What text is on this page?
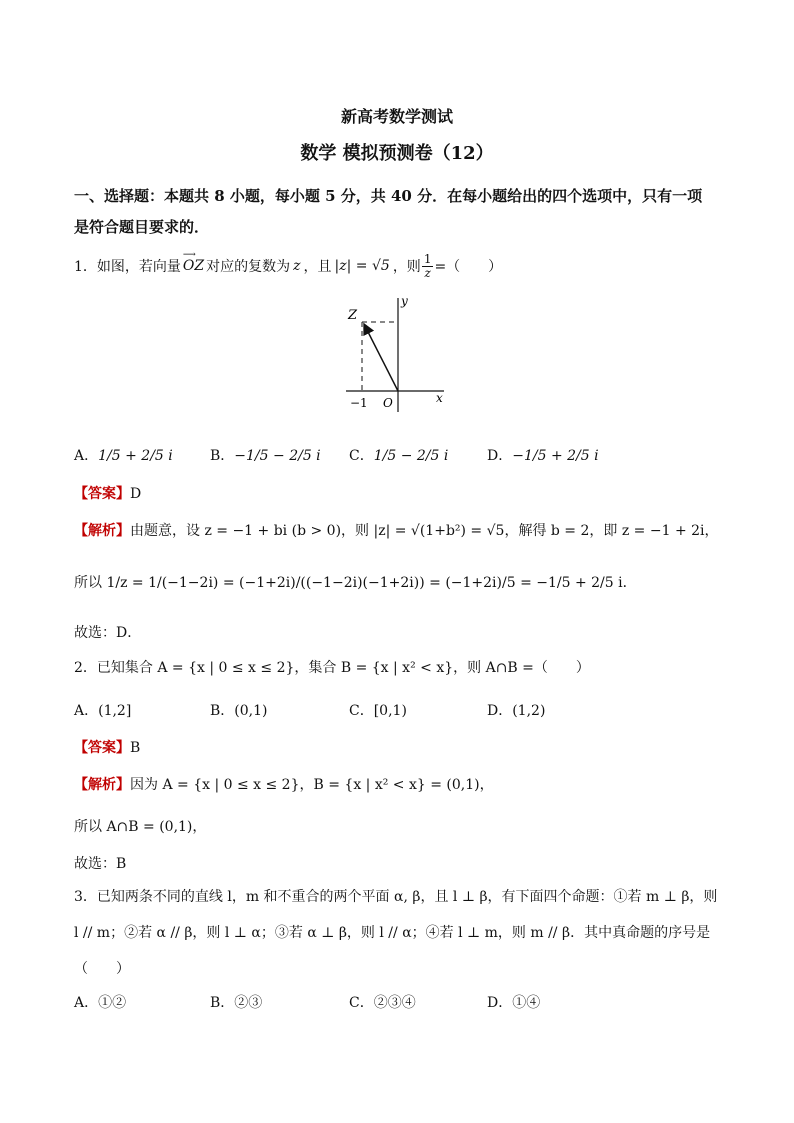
新高考数学测试
数学 模拟预测卷（12）
一、选择题：本题共 8 小题，每小题 5 分，共 40 分．在每小题给出的四个选项中，只有一项
是符合题目要求的．
1．如图，若向量
⟶
OZ 对应的复数为 z ，且 |z| = √5 ，则 $\frac{1}{z}$ =（　　）
Z
y
O	x
−1
A．1/5 + 2/5 i	B．−1/5 − 2/5 i C．1/5 − 2/5 i	D．−1/5 + 2/5 i
【答案】D
【解析】由题意，设 z = −1 + bi (b > 0)，则 |z| = √(1+b²) = √5，解得 b = 2，即 z = −1 + 2i，
所以 1/z = 1/(−1−2i) = (−1+2i)/((−1−2i)(−1+2i)) = (−1+2i)/5 = −1/5 + 2/5 i．
故选：D．
2．已知集合 A = {x | 0 ≤ x ≤ 2}，集合 B = {x | x² < x}，则 A∩B =（　　）
A．(1,2]	B．(0,1)	C．[0,1)	D．(1,2)
【答案】B
【解析】因为 A = {x | 0 ≤ x ≤ 2}，B = {x | x² < x} = (0,1)，
所以 A∩B = (0,1)，
故选：B
3．已知两条不同的直线 l，m 和不重合的两个平面 α, β，且 l ⊥ β，有下面四个命题：①若 m ⊥ β，则
l // m；②若 α // β，则 l ⊥ α；③若 α ⊥ β，则 l // α；④若 l ⊥ m，则 m // β．其中真命题的序号是
（　　）
A．①②	B．②③	C．②③④	D．①④
